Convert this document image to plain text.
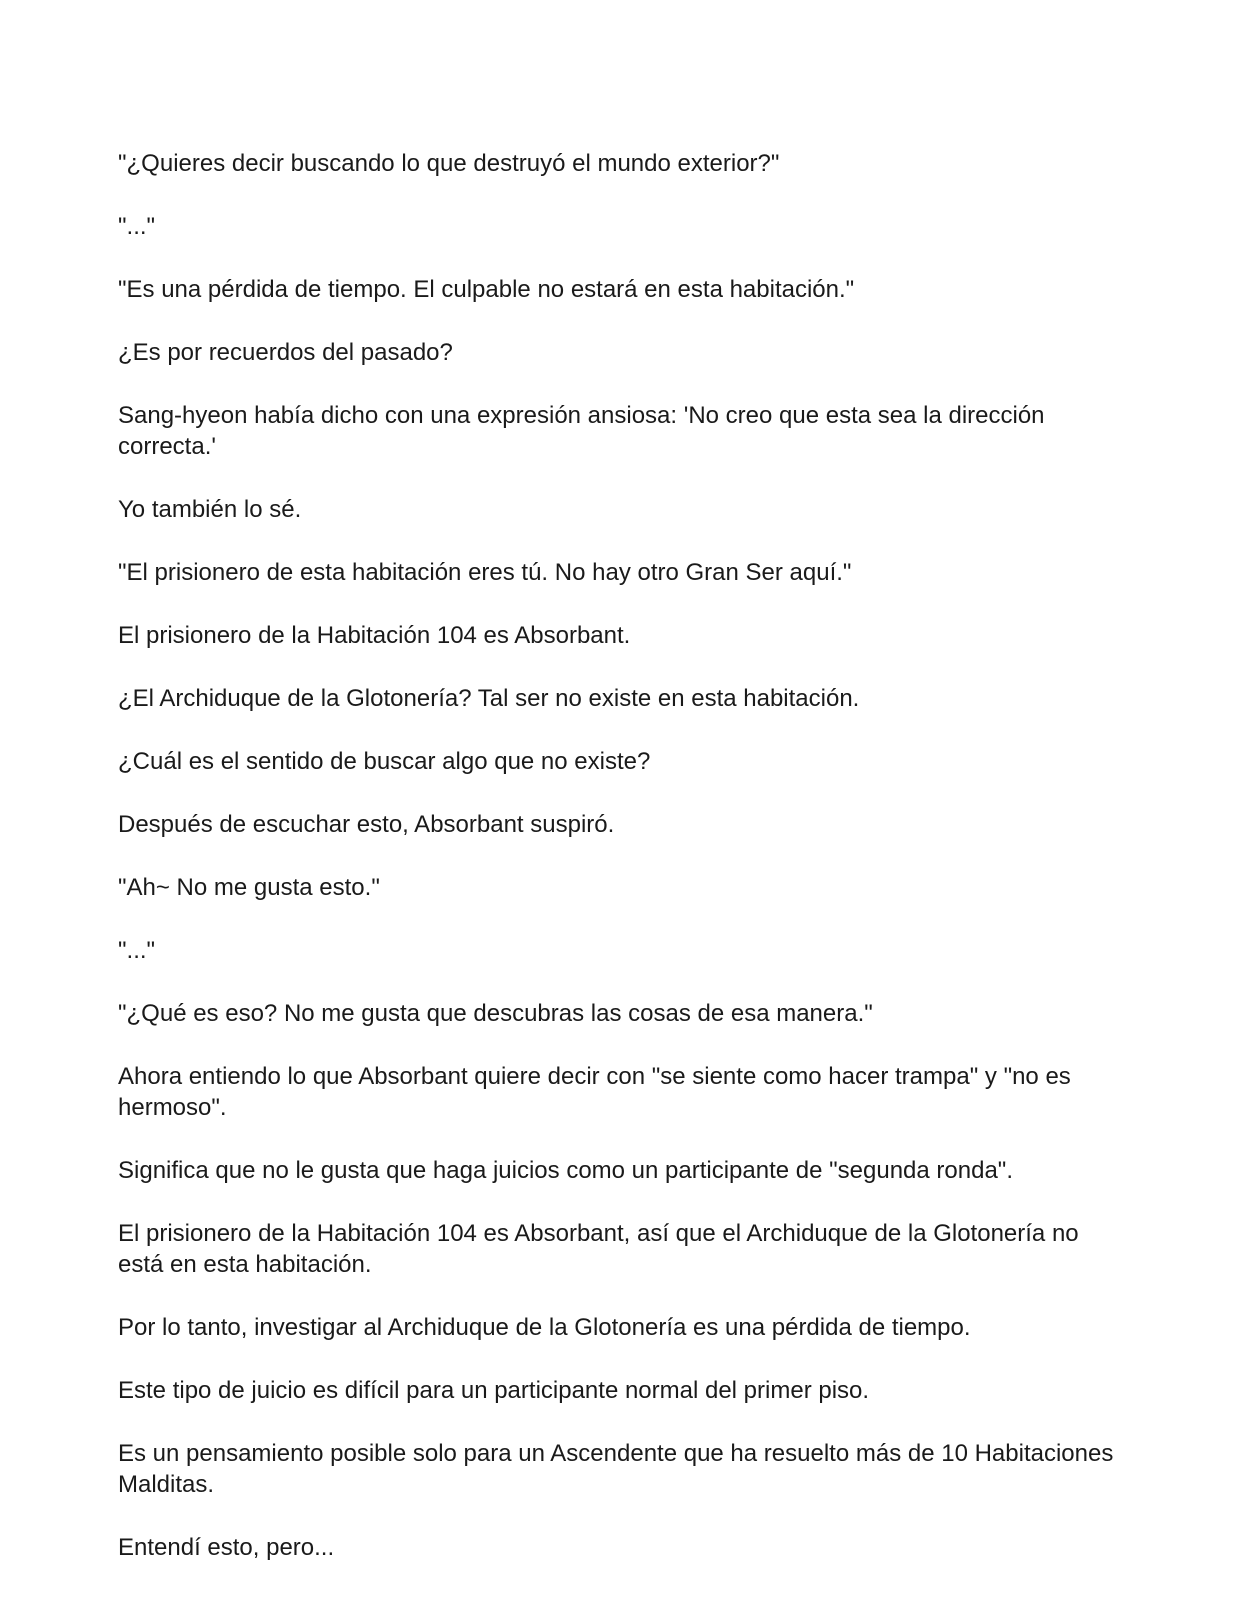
"¿Quieres decir buscando lo que destruyó el mundo exterior?"

"..."

"Es una pérdida de tiempo. El culpable no estará en esta habitación."

¿Es por recuerdos del pasado?

Sang-hyeon había dicho con una expresión ansiosa: 'No creo que esta sea la dirección correcta.'

Yo también lo sé.

"El prisionero de esta habitación eres tú. No hay otro Gran Ser aquí."

El prisionero de la Habitación 104 es Absorbant.

¿El Archiduque de la Glotonería? Tal ser no existe en esta habitación.

¿Cuál es el sentido de buscar algo que no existe?

Después de escuchar esto, Absorbant suspiró.

"Ah~ No me gusta esto."

"..."

"¿Qué es eso? No me gusta que descubras las cosas de esa manera."

Ahora entiendo lo que Absorbant quiere decir con "se siente como hacer trampa" y "no es hermoso".

Significa que no le gusta que haga juicios como un participante de "segunda ronda".

El prisionero de la Habitación 104 es Absorbant, así que el Archiduque de la Glotonería no está en esta habitación.

Por lo tanto, investigar al Archiduque de la Glotonería es una pérdida de tiempo.

Este tipo de juicio es difícil para un participante normal del primer piso.

Es un pensamiento posible solo para un Ascendente que ha resuelto más de 10 Habitaciones Malditas.

Entendí esto, pero...
